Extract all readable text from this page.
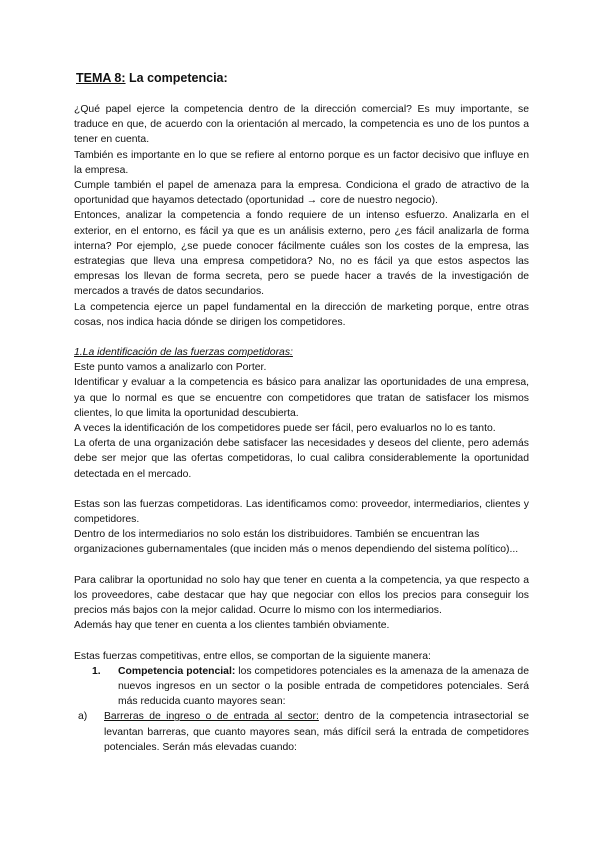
TEMA 8: La competencia:

¿Qué papel ejerce la competencia dentro de la dirección comercial? Es muy importante, se traduce en que, de acuerdo con la orientación al mercado, la competencia es uno de los puntos a tener en cuenta.

También es importante en lo que se refiere al entorno porque es un factor decisivo que influye en la empresa.

Cumple también el papel de amenaza para la empresa. Condiciona el grado de atractivo de la oportunidad que hayamos detectado (oportunidad → core de nuestro negocio).

Entonces, analizar la competencia a fondo requiere de un intenso esfuerzo. Analizarla en el exterior, en el entorno, es fácil ya que es un análisis externo, pero ¿es fácil analizarla de forma interna? Por ejemplo, ¿se puede conocer fácilmente cuáles son los costes de la empresa, las estrategias que lleva una empresa competidora? No, no es fácil ya que estos aspectos las empresas los llevan de forma secreta, pero se puede hacer a través de la investigación de mercados a través de datos secundarios.

La competencia ejerce un papel fundamental en la dirección de marketing porque, entre otras cosas, nos indica hacia dónde se dirigen los competidores.

1.La identificación de las fuerzas competidoras:

Este punto vamos a analizarlo con Porter.

Identificar y evaluar a la competencia es básico para analizar las oportunidades de una empresa, ya que lo normal es que se encuentre con competidores que tratan de satisfacer los mismos clientes, lo que limita la oportunidad descubierta.

A veces la identificación de los competidores puede ser fácil, pero evaluarlos no lo es tanto.

La oferta de una organización debe satisfacer las necesidades y deseos del cliente, pero además debe ser mejor que las ofertas competidoras, lo cual calibra considerablemente la oportunidad detectada en el mercado.

Estas son las fuerzas competidoras. Las identificamos como: proveedor, intermediarios, clientes y competidores.

Dentro de los intermediarios no solo están los distribuidores. También se encuentran las organizaciones gubernamentales (que inciden más o menos dependiendo del sistema político)...

Para calibrar la oportunidad no solo hay que tener en cuenta a la competencia, ya que respecto a los proveedores, cabe destacar que hay que negociar con ellos los precios para conseguir los precios más bajos con la mejor calidad. Ocurre lo mismo con los intermediarios.

Además hay que tener en cuenta a los clientes también obviamente.

Estas fuerzas competitivas, entre ellos, se comportan de la siguiente manera:

1. Competencia potencial: los competidores potenciales es la amenaza de la amenaza de nuevos ingresos en un sector o la posible entrada de competidores potenciales. Será más reducida cuanto mayores sean:

a) Barreras de ingreso o de entrada al sector: dentro de la competencia intrasectorial se levantan barreras, que cuanto mayores sean, más difícil será la entrada de competidores potenciales. Serán más elevadas cuando:
